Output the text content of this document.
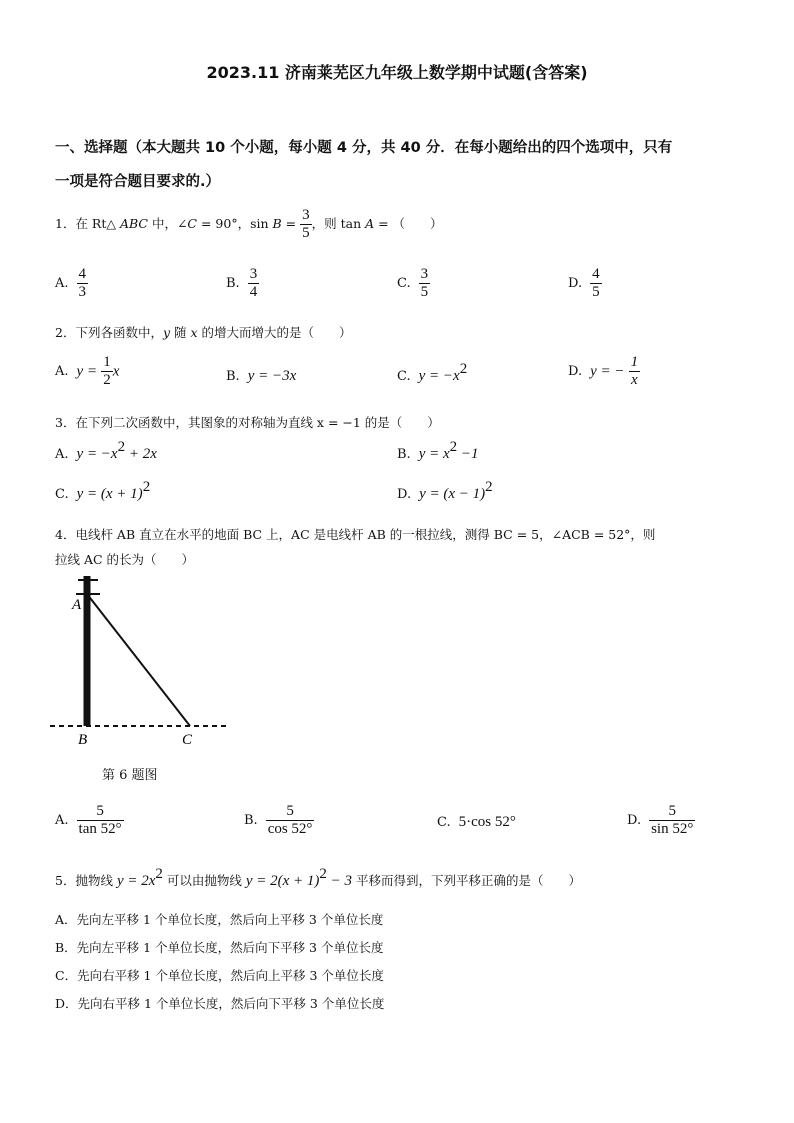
2023.11 济南莱芜区九年级上数学期中试题(含答案)
一、选择题（本大题共 10 个小题，每小题 4 分，共 40 分．在每小题给出的四个选项中，只有
一项是符合题目要求的.）
1．在 Rt△ ABC 中，∠C = 90°，$\sin B = \frac{3}{5}$ ，则 tan A = （　　）
A. $\frac{4}{3}$	B. $\frac{3}{4}$	C. $\frac{3}{5}$	D. $\frac{4}{5}$
2．下列各函数中，y 随 x 的增大而增大的是（　　）
A. $y = \frac{1}{2}$ x	B. y = −3x	C. $y = -x^2$	D. y = − $\frac{1}{x}$
3．在下列二次函数中，其图象的对称轴为直线 x = −1 的是（　　）
A. $y = -x^2 + 2x$	B. $y = x^2 -1$
C. $y = (x + 1)^2$	D. $y = (x - 1)^2$
4．电线杆 AB 直立在水平的地面 BC 上，AC 是电线杆 AB 的一根拉线，测得 BC = 5，∠ACB = 52°，则
拉线 AC 的长为（　　）
A
B	C
第 6 题图
A. $\frac{5}{\tan 52^\circ}$	B. $\frac{5}{\cos 52^\circ}$	C. 5·cos 52°	D. $\frac{5}{\sin 52^\circ}$
5．抛物线 $y = 2x^2$ 可以由抛物线 $y = 2(x + 1)^2 - 3$ 平移而得到，下列平移正确的是（　　）
A．先向左平移 1 个单位长度，然后向上平移 3 个单位长度
B．先向左平移 1 个单位长度，然后向下平移 3 个单位长度
C．先向右平移 1 个单位长度，然后向上平移 3 个单位长度
D．先向右平移 1 个单位长度，然后向下平移 3 个单位长度
